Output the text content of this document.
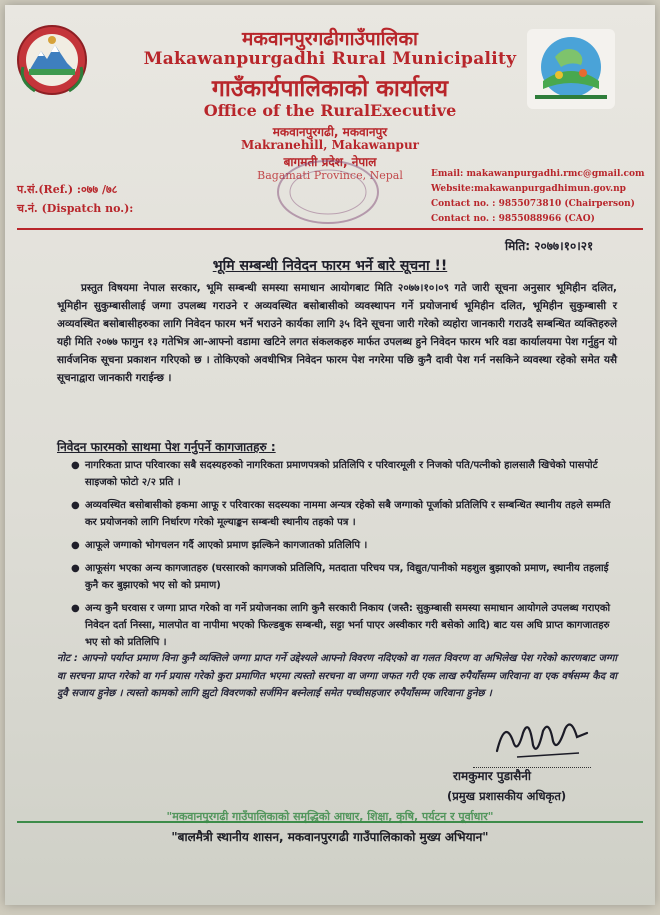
मकवानपुरगढीगाउँपालिका
Makawanpurgadhi Rural Municipality
गाउँकार्यपालिकाको कार्यालय
Office of the RuralExecutive
मकवानपुरगढी, मकवानपुर
Makranehill, Makawanpur
बागमती प्रदेश, नेपाल
Bagamati Province, Nepal
प.सं.(Ref.) :०७७ /७८
च.नं. (Dispatch no.):
Email: makawanpurgadhi.rmc@gmail.com
Website:makawanpurgadhimun.gov.np
Contact no. : 9855073810 (Chairperson)
Contact no. : 9855088966 (CAO)
मिति: २०७७।१०।२१
भूमि सम्बन्धी निवेदन फारम भर्ने बारे सूचना !!
प्रस्तुत विषयमा नेपाल सरकार, भूमि सम्बन्धी समस्या समाधान आयोगबाट मिति २०७७।१०।०९ गते जारी सूचना अनुसार भूमिहीन दलित, भूमिहीन सुकुम्बासीलाई जग्गा उपलब्ध गराउने र अव्यवस्थित बसोबासीको व्यवस्थापन गर्ने प्रयोजनार्थ भूमिहीन दलित, भूमिहीन सुकुम्बासी र अव्यवस्थित बसोबासीहरुका लागि निवेदन फारम भर्ने भराउने कार्यका लागि ३५ दिने सूचना जारी गरेको व्यहोरा जानकारी गराउदै सम्बन्धित व्यक्तिहरुले यही मिति २०७७ फागुन १३ गतेभित्र आ-आफ्नो वडामा खटिने लगत संकलकहरु मार्फत उपलब्ध हुने निवेदन फारम भरि वडा कार्यालयमा पेश गर्नुहुन यो सार्वजनिक सूचना प्रकाशन गरिएको छ । तोकिएको अवधीभित्र निवेदन फारम पेश नगरेमा पछि कुनै दावी पेश गर्न नसकिने व्यवस्था रहेको समेत यसै सूचनाद्वारा जानकारी गराईन्छ ।
निवेदन फारमको साथमा पेश गर्नुपर्ने कागजातहरु :
● नागरिकता प्राप्त परिवारका सबै सदस्यहरुको नागरिकता प्रमाणपत्रको प्रतिलिपि र परिवारमूली र निजको पति/पत्नीको हालसालै खिचेको पासपोर्ट साइजको फोटो २/२ प्रति ।
● अव्यवस्थित बसोबासीको हकमा आफू र परिवारका सदस्यका नाममा अन्यत्र रहेको सबै जग्गाको पूर्जाको प्रतिलिपि र सम्बन्धित स्थानीय तहले सम्मति कर प्रयोजनको लागि निर्धारण गरेको मूल्याङ्कन सम्बन्धी स्थानीय तहको पत्र ।
● आफूले जग्गाको भोगचलन गर्दै आएको प्रमाण झल्किने कागजातको प्रतिलिपि ।
● आफूसंग भएका अन्य कागजातहरु (घरसारको कागजको प्रतिलिपि, मतदाता परिचय पत्र, विद्युत/पानीको महशुल बुझाएको प्रमाण, स्थानीय तहलाई कुनै कर बुझाएको भए सो को प्रमाण)
● अन्य कुनै घरवास र जग्गा प्राप्त गरेको वा गर्ने प्रयोजनका लागि कुनै सरकारी निकाय (जस्तै: सुकुम्बासी समस्या समाधान आयोगले उपलब्ध गराएको निवेदन दर्ता निस्सा, मालपोत वा नापीमा भएको फिल्डबुक सम्बन्धी, सट्टा भर्ना पाएर अस्वीकार गरी बसेको आदि) बाट यस अघि प्राप्त कागजातहरु भए सो को प्रतिलिपि ।
नोट : आफ्नो पर्याप्त प्रमाण विना कुनै व्यक्तिले जग्गा प्राप्त गर्ने उद्देश्यले आफ्नो विवरण नदिएको वा गलत विवरण वा अभिलेख पेश गरेको कारणबाट जग्गा वा सरचना प्राप्त गरेको वा गर्न प्रयास गरेको कुरा प्रमाणित भएमा त्यस्तो सरचना वा जग्गा जफत गरी एक लाख रुपैयाँसम्म जरिवाना वा एक वर्षसम्म कैद वा दुवै सजाय हुनेछ । त्यस्तो कामको लागि झुटो विवरणको सर्जमिन बस्नेलाई समेत पच्चीसहजार रुपैयाँसम्म जरिवाना हुनेछ ।
रामकुमार पुडासैनी
(प्रमुख प्रशासकीय अधिकृत)
"मकवानपुरगढी गाउँपालिकाको समृद्धिको आधार, शिक्षा, कृषि, पर्यटन र पूर्वाधार"
"बालमैत्री स्थानीय शासन, मकवानपुरगढी गाउँपालिकाको मुख्य अभियान"
